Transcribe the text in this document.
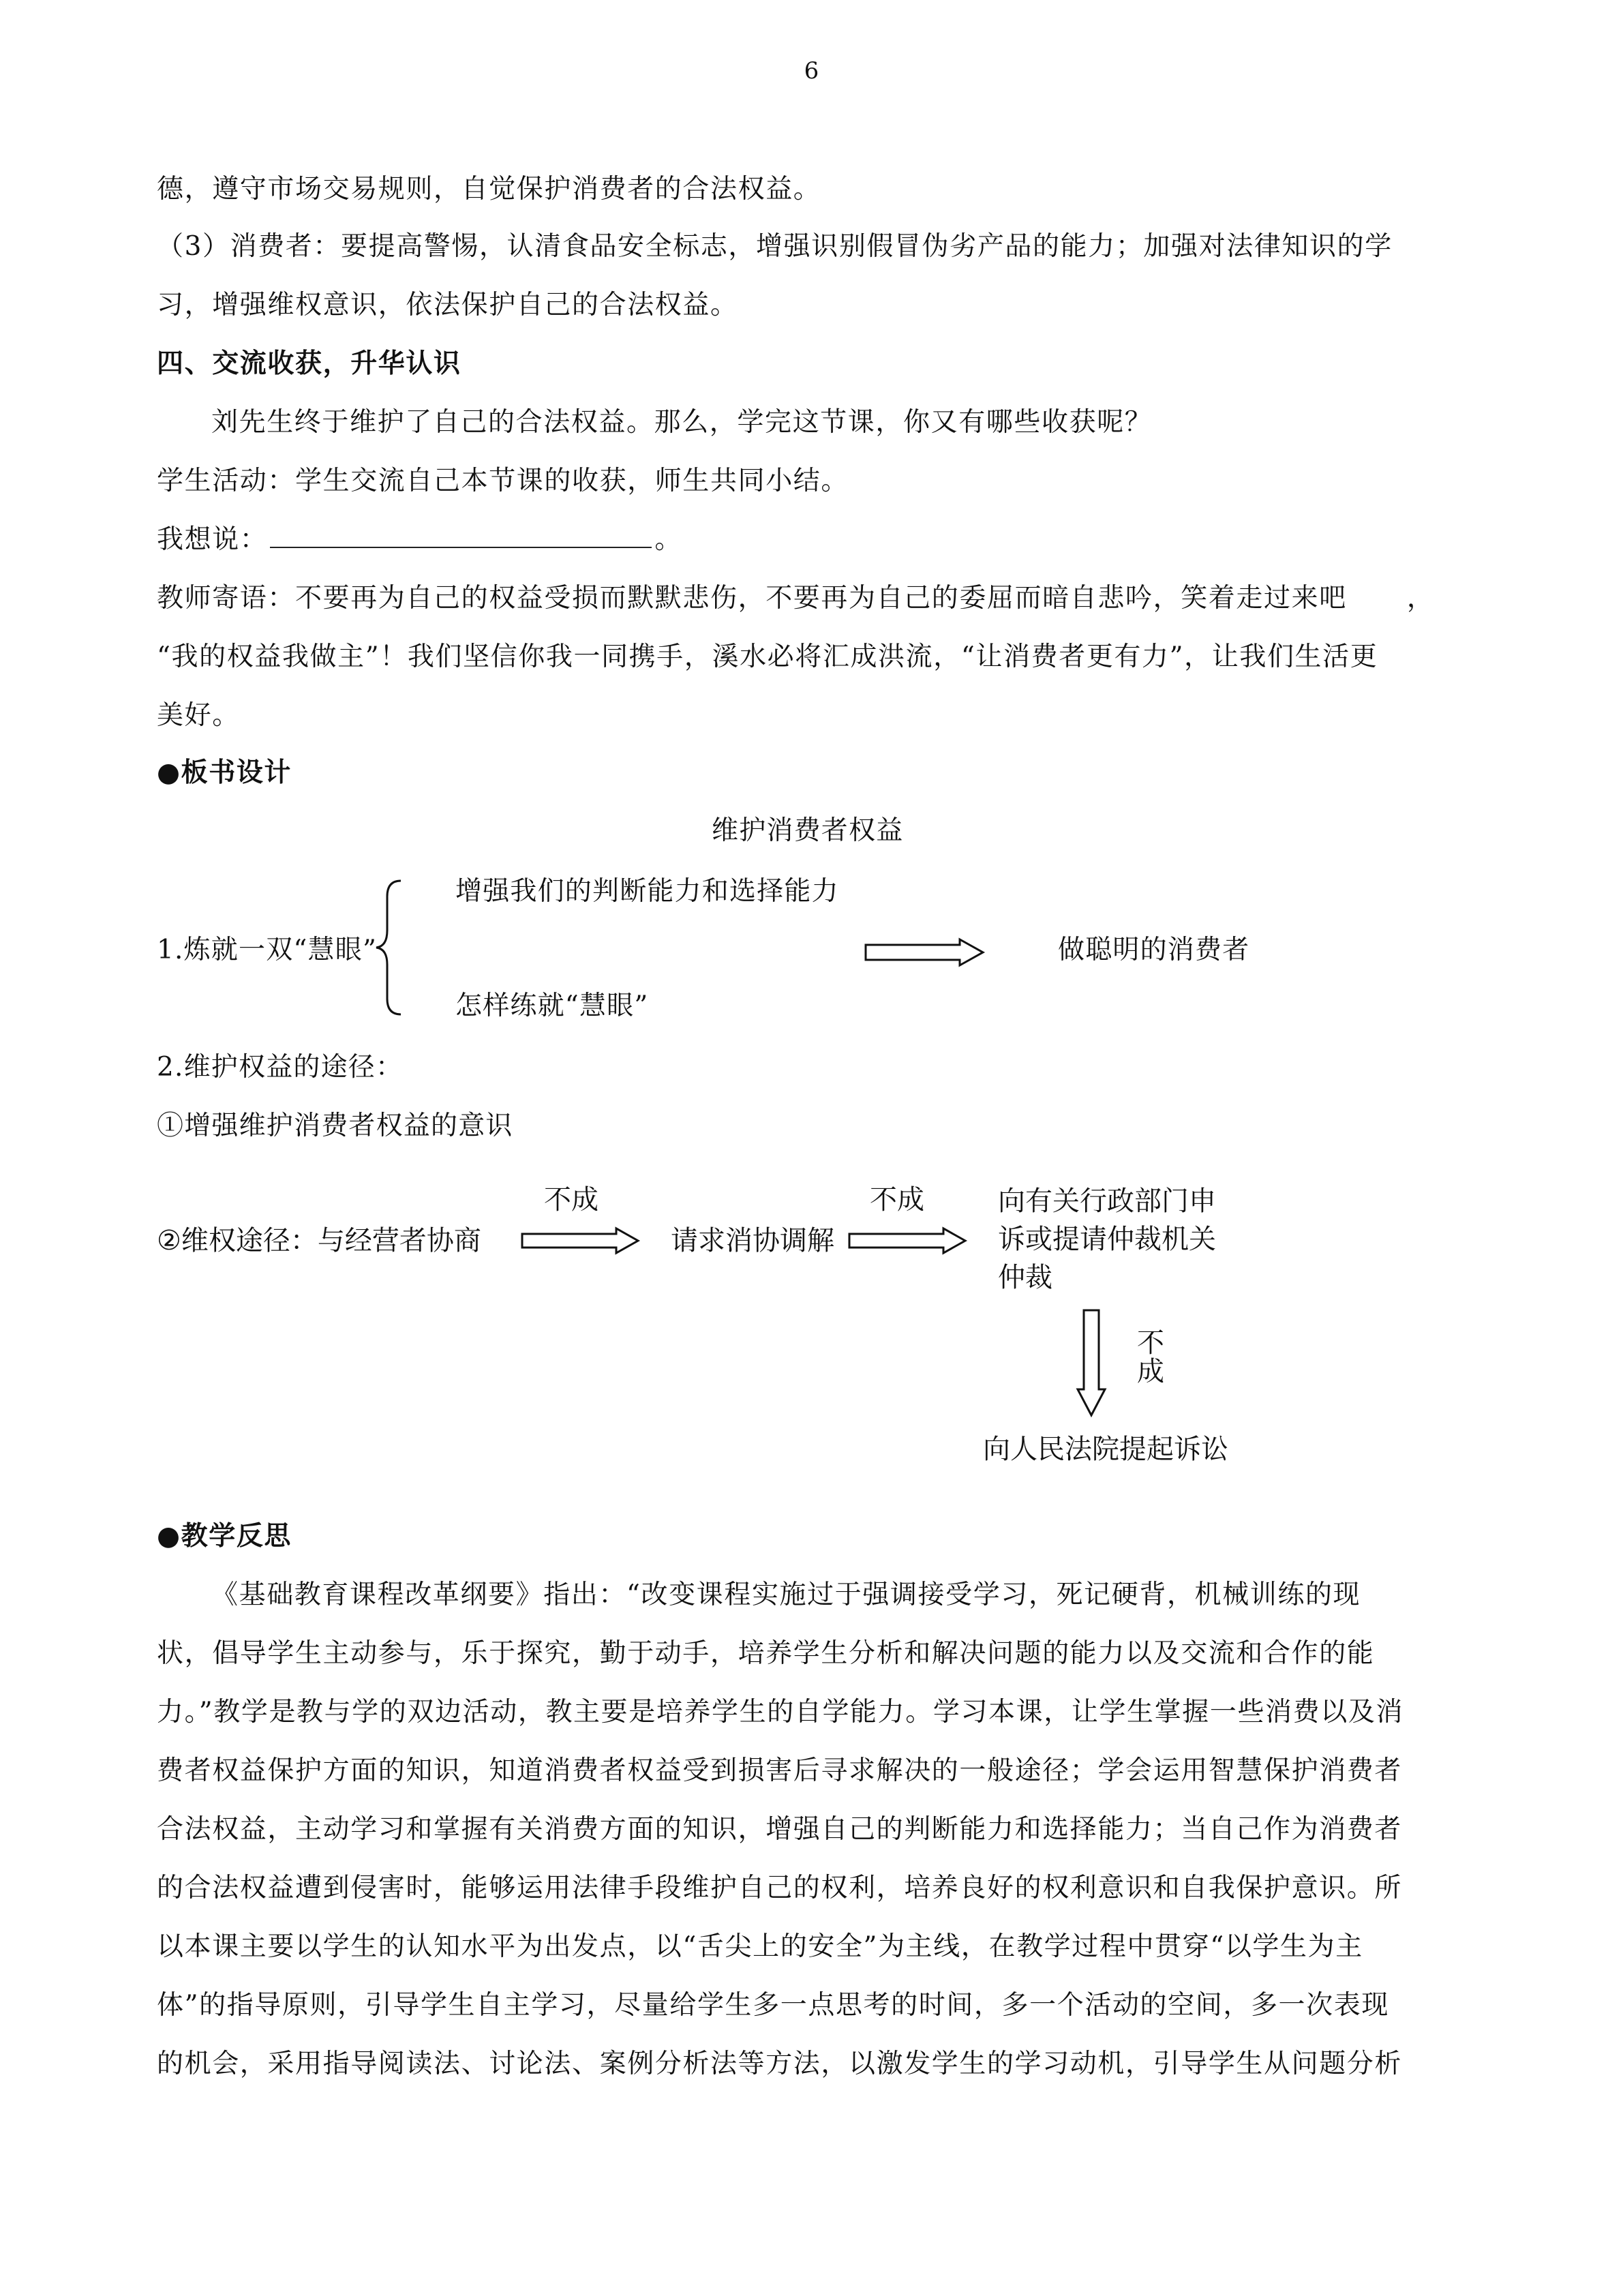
6
德，遵守市场交易规则，自觉保护消费者的合法权益。
（3）消费者：要提高警惕，认清食品安全标志，增强识别假冒伪劣产品的能力；加强对法律知识的学
习，增强维权意识，依法保护自己的合法权益。
四、交流收获，升华认识
刘先生终于维护了自己的合法权益。那么，学完这节课，你又有哪些收获呢？
学生活动：学生交流自己本节课的收获，师生共同小结。
我想说：	。
教师寄语：不要再为自己的权益受损而默默悲伤，不要再为自己的委屈而暗自悲吟，笑着走过来吧 ，
“我的权益我做主”！我们坚信你我一同携手，溪水必将汇成洪流，“让消费者更有力”，让我们生活更
美好。
●板书设计
维护消费者权益
1.炼就一双“慧眼”
增强我们的判断能力和选择能力
怎样练就“慧眼”
做聪明的消费者
2.维护权益的途径：
①增强维护消费者权益的意识
②维权途径：与经营者协商
不成
请求消协调解
不成	向有关行政部门申
诉或提请仲裁机关
仲裁
不
成
向人民法院提起诉讼
●教学反思
《基础教育课程改革纲要》指出：“改变课程实施过于强调接受学习，死记硬背，机械训练的现
状，倡导学生主动参与，乐于探究，勤于动手，培养学生分析和解决问题的能力以及交流和合作的能
力。”教学是教与学的双边活动，教主要是培养学生的自学能力。学习本课，让学生掌握一些消费以及消
费者权益保护方面的知识，知道消费者权益受到损害后寻求解决的一般途径；学会运用智慧保护消费者
合法权益，主动学习和掌握有关消费方面的知识，增强自己的判断能力和选择能力；当自己作为消费者
的合法权益遭到侵害时，能够运用法律手段维护自己的权利，培养良好的权利意识和自我保护意识。所
以本课主要以学生的认知水平为出发点，以“舌尖上的安全”为主线，在教学过程中贯穿“以学生为主
体”的指导原则，引导学生自主学习，尽量给学生多一点思考的时间，多一个活动的空间，多一次表现
的机会，采用指导阅读法、讨论法、案例分析法等方法，以激发学生的学习动机，引导学生从问题分析
